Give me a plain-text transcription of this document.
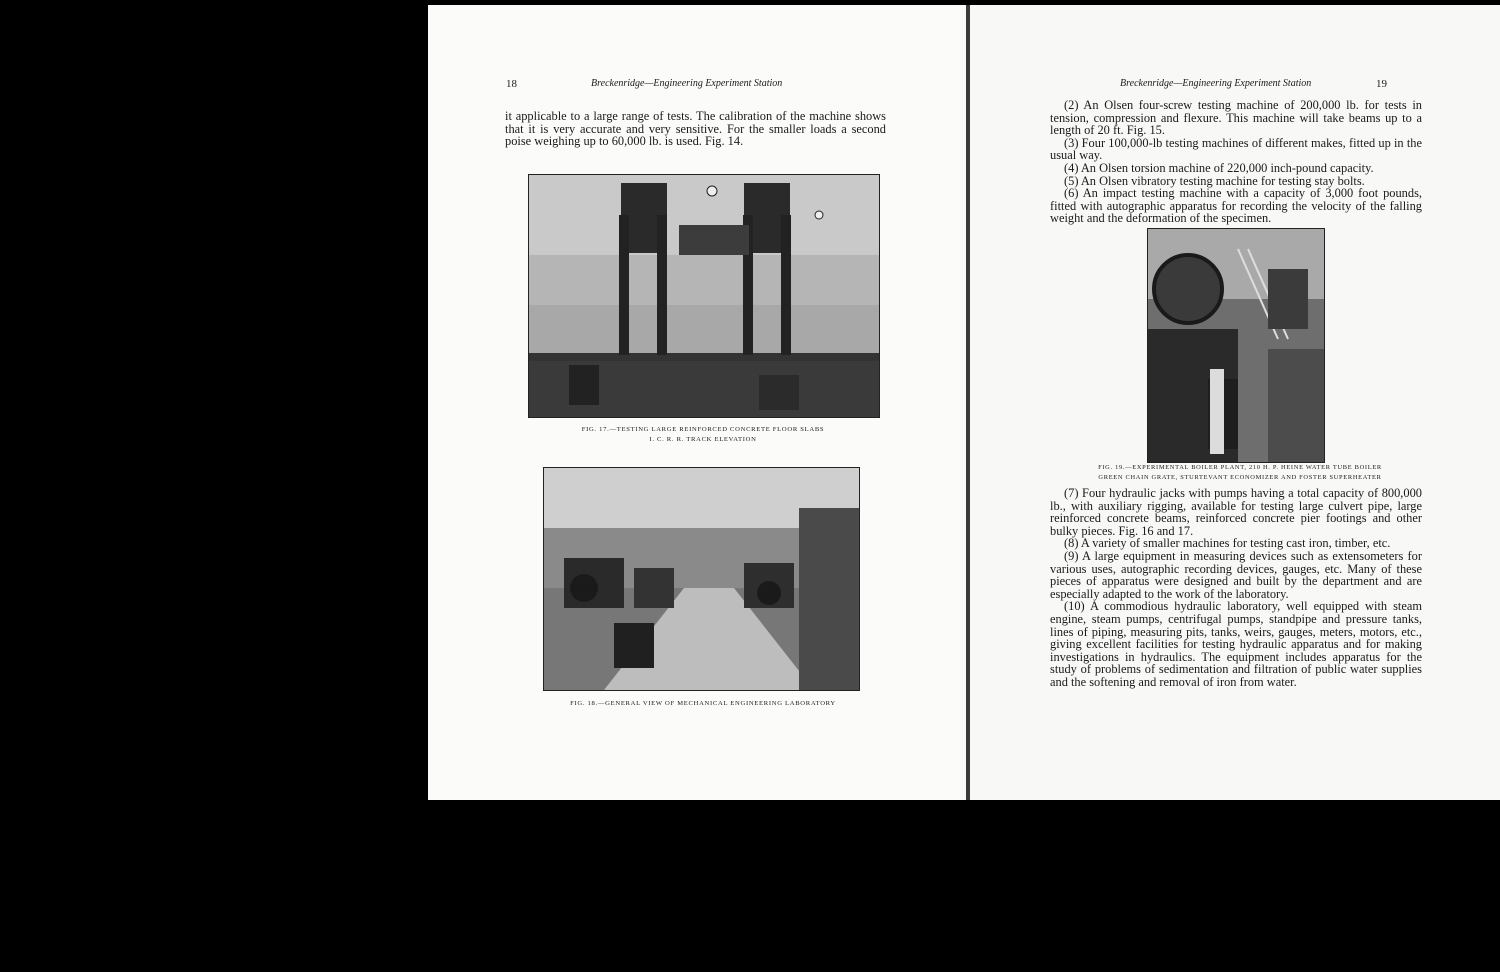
18	Breckenridge—Engineering Experiment Station

it applicable to a large range of tests. The calibration of the machine shows that it is very accurate and very sensitive. For the smaller loads a second poise weighing up to 60,000 lb. is used. Fig. 14.

FIG. 17.—TESTING LARGE REINFORCED CONCRETE FLOOR SLABS
I. C. R. R. TRACK ELEVATION
FIG. 18.—GENERAL VIEW OF MECHANICAL ENGINEERING LABORATORY
Breckenridge—Engineering Experiment Station	19

(2) An Olsen four-screw testing machine of 200,000 lb. for tests in tension, compression and flexure. This machine will take beams up to a length of 20 ft. Fig. 15.

(3) Four 100,000-lb testing machines of different makes, fitted up in the usual way.

(4) An Olsen torsion machine of 220,000 inch-pound capacity.

(5) An Olsen vibratory testing machine for testing stay bolts.

(6) An impact testing machine with a capacity of 3,000 foot pounds, fitted with autographic apparatus for recording the velocity of the falling weight and the deformation of the specimen.

FIG. 19.—EXPERIMENTAL BOILER PLANT, 210 H. P. HEINE WATER TUBE BOILER
GREEN CHAIN GRATE, STURTEVANT ECONOMIZER AND FOSTER SUPERHEATER

(7) Four hydraulic jacks with pumps having a total capacity of 800,000 lb., with auxiliary rigging, available for testing large culvert pipe, large reinforced concrete beams, reinforced concrete pier footings and other bulky pieces. Fig. 16 and 17.

(8) A variety of smaller machines for testing cast iron, timber, etc.

(9) A large equipment in measuring devices such as extensometers for various uses, autographic recording devices, gauges, etc. Many of these pieces of apparatus were designed and built by the department and are especially adapted to the work of the laboratory.

(10) A commodious hydraulic laboratory, well equipped with steam engine, steam pumps, centrifugal pumps, standpipe and pressure tanks, lines of piping, measuring pits, tanks, weirs, gauges, meters, motors, etc., giving excellent facilities for testing hydraulic apparatus and for making investigations in hydraulics. The equipment includes apparatus for the study of problems of sedimentation and filtration of public water supplies and the softening and removal of iron from water.
